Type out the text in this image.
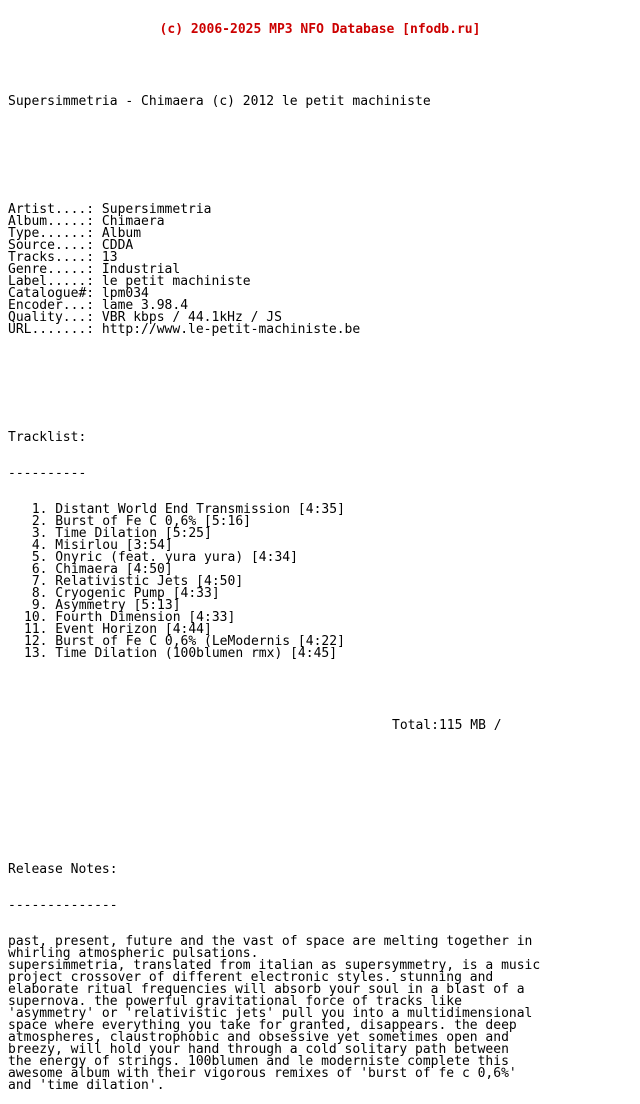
(c) 2006-2025 MP3 NFO Database [nfodb.ru]

Supersimmetria - Chimaera (c) 2012 le petit machiniste

Artist....: Supersimmetria
Album.....: Chimaera
Type......: Album
Source....: CDDA
Tracks....: 13
Genre.....: Industrial
Label.....: le petit machiniste
Catalogue#: lpm034
Encoder...: lame 3.98.4
Quality...: VBR kbps / 44.1kHz / JS
URL.......: http://www.le-petit-machiniste.be

Tracklist:

----------

1. Distant World End Transmission [4:35]
2. Burst of Fe C 0,6% [5:16]
3. Time Dilation [5:25]
4. Misirlou [3:54]
5. Onyric (feat. yura yura) [4:34]
6. Chimaera [4:50]
7. Relativistic Jets [4:50]
8. Cryogenic Pump [4:33]
9. Asymmetry [5:13]
10. Fourth Dimension [4:33]
11. Event Horizon [4:44]
12. Burst of Fe C 0,6% (LeModernis [4:22]
13. Time Dilation (100blumen rmx) [4:45]

Total:115 MB /

Release Notes:

--------------

past, present, future and the vast of space are melting together in
whirling atmospheric pulsations.
supersimmetria, translated from italian as supersymmetry, is a music
project crossover of different electronic styles. stunning and
elaborate ritual frequencies will absorb your soul in a blast of a
supernova. the powerful gravitational force of tracks like
'asymmetry' or 'relativistic jets' pull you into a multidimensional
space where everything you take for granted, disappears. the deep
atmospheres, claustrophobic and obsessive yet sometimes open and
breezy, will hold your hand through a cold solitary path between
the energy of strings. 100blumen and le moderniste complete this
awesome album with their vigorous remixes of 'burst of fe c 0,6%'
and 'time dilation'.
